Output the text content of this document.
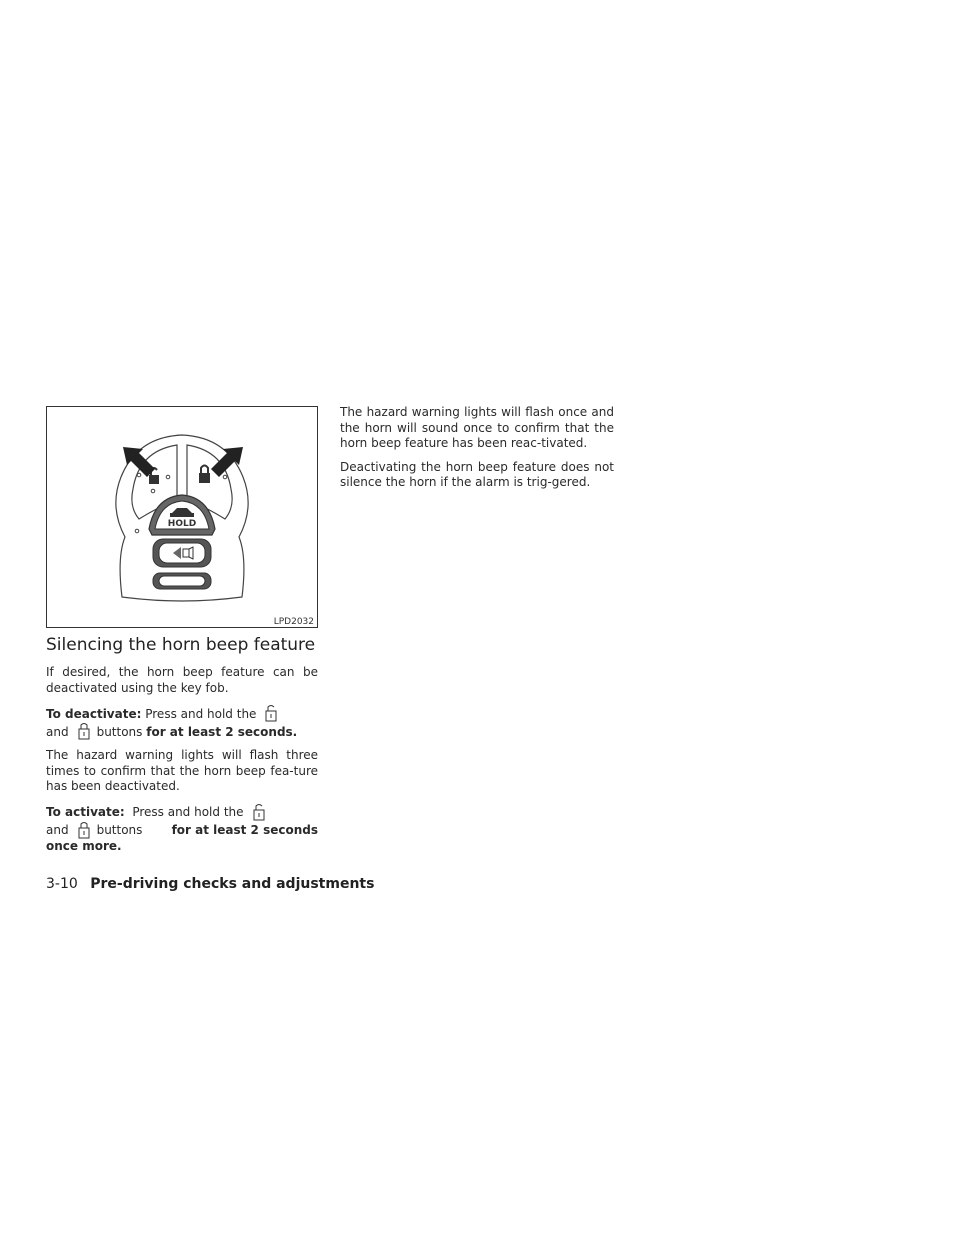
HOLD
LPD2032
Silencing the horn beep feature

If desired, the horn beep feature can be deactivated using the key fob.

To deactivate:
Press and hold the
and buttons
for at least 2 seconds.

The hazard warning lights will flash three times to confirm that the horn beep fea-ture has been deactivated.

To activate:
Press and hold the
and buttons for at least 2 seconds
once more.

The hazard warning lights will flash once and the horn will sound once to confirm that the horn beep feature has been reac-tivated.

Deactivating the horn beep feature does not silence the horn if the alarm is trig-gered.

3-10 Pre-driving checks and adjustments
